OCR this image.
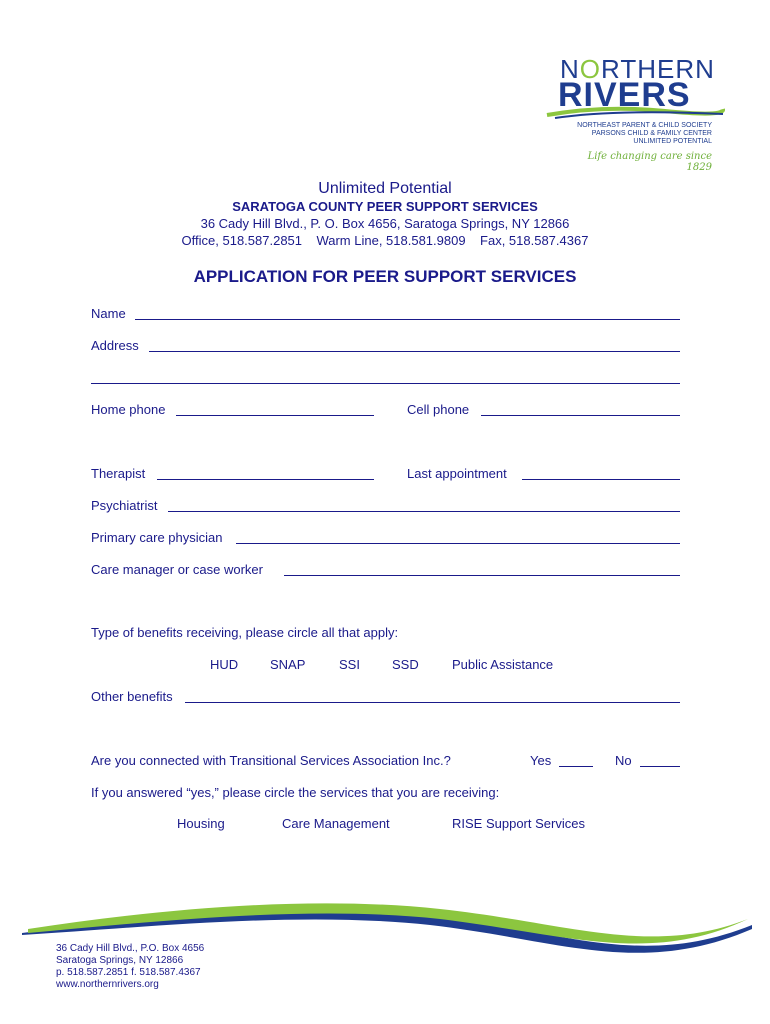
NORTHERN
RIVERS
NORTHEAST PARENT & CHILD SOCIETY
PARSONS CHILD & FAMILY CENTER
UNLIMITED POTENTIAL
Life changing care since 1829
Unlimited Potential
SARATOGA COUNTY PEER SUPPORT SERVICES
36 Cady Hill Blvd., P. O. Box 4656, Saratoga Springs, NY 12866
Office, 518.587.2851    Warm Line, 518.581.9809    Fax, 518.587.4367
APPLICATION FOR PEER SUPPORT SERVICES
Name
Address
Home phone	Cell phone
Therapist	Last appointment
Psychiatrist
Primary care physician
Care manager or case worker
Type of benefits receiving, please circle all that apply:
HUD SNAP	SSI SSD	Public Assistance
Other benefits
Are you connected with Transitional Services Association Inc.?	Yes	No
If you answered “yes,” please circle the services that you are receiving:
Housing	Care Management	RISE Support Services
36 Cady Hill Blvd., P.O. Box 4656
Saratoga Springs, NY 12866
p. 518.587.2851 f. 518.587.4367
www.northernrivers.org
